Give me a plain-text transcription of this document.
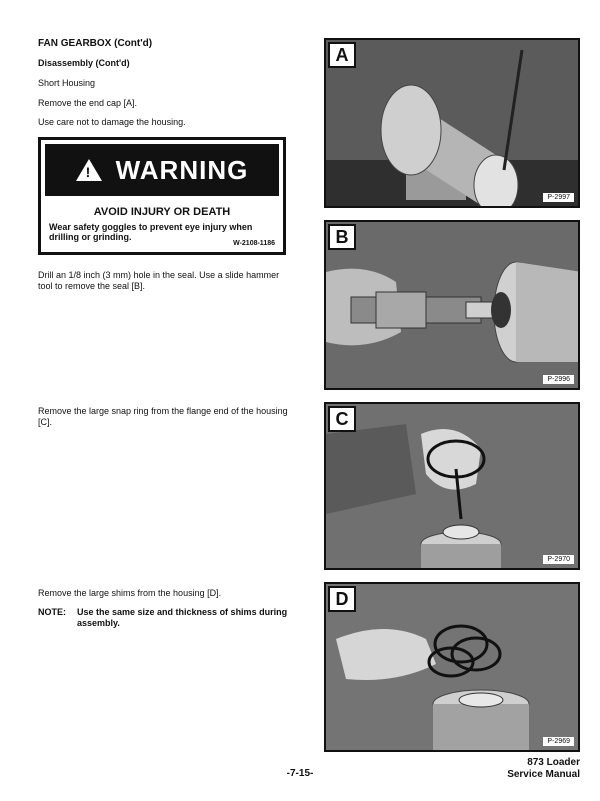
FAN GEARBOX (Cont'd)
Disassembly (Cont'd)
Short Housing
Remove the end cap [A].
Use care not to damage the housing.
!
WARNING
AVOID INJURY OR DEATH
Wear safety goggles to prevent eye injury when drilling or grinding.
W-2108-1186
Drill an 1/8 inch (3 mm) hole in the seal. Use a slide hammer tool to remove the seal [B].
Remove the large snap ring from the flange end of the housing [C].
Remove the large shims from the housing [D].
NOTE: Use the same size and thickness of shims during assembly.
A
P-2997
B
P-2996
C
P-2970
D
P-2969
-7-15-
873 Loader
Service Manual
